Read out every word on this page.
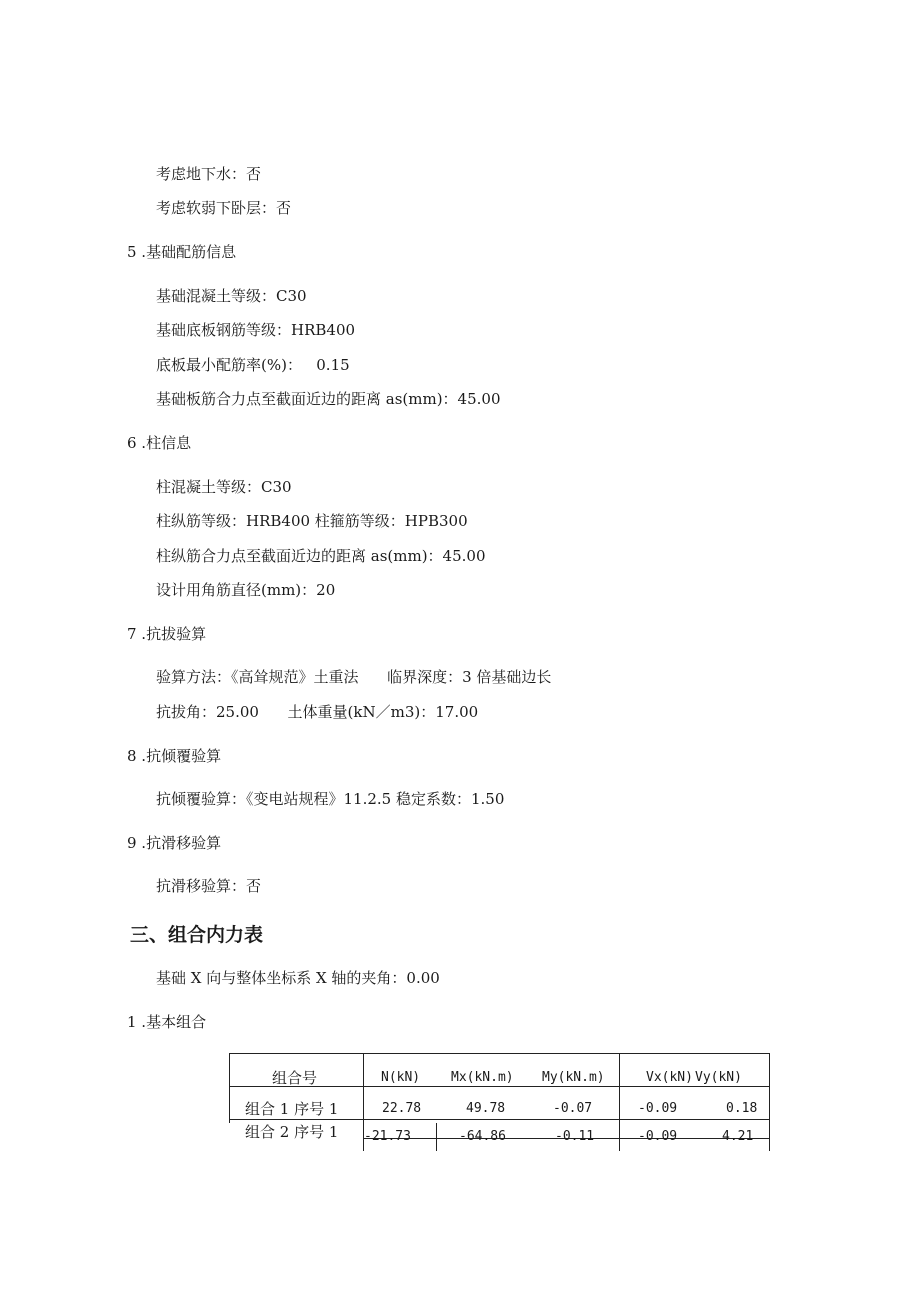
考虑地下水：否
考虑软弱下卧层：否
5 .基础配筋信息
基础混凝土等级：C30
基础底板钢筋等级：HRB400
底板最小配筋率(%)：   0.15
基础板筋合力点至截面近边的距离 as(mm)：45.00
6 .柱信息
柱混凝土等级：C30
柱纵筋等级：HRB400 柱箍筋等级：HPB300
柱纵筋合力点至截面近边的距离 as(mm)：45.00
设计用角筋直径(mm)：20
7 .抗拔验算
验算方法：《高耸规范》土重法      临界深度：3 倍基础边长
抗拔角：25.00      土体重量(kN／m3)：17.00
8 .抗倾覆验算
抗倾覆验算：《变电站规程》11.2.5 稳定系数：1.50
9 .抗滑移验算
抗滑移验算：否
三、组合内力表
基础 X 向与整体坐标系 X 轴的夹角：0.00
1 .基本组合
组合号	N(kN) Mx(kN.m) My(kN.m)	Vx(kN) Vy(kN)
组合 1 序号 1	22.78	49.78	-0.07	-0.09	0.18
组合 2 序号 1 -21.73	-64.86	-0.11	-0.09	4.21
